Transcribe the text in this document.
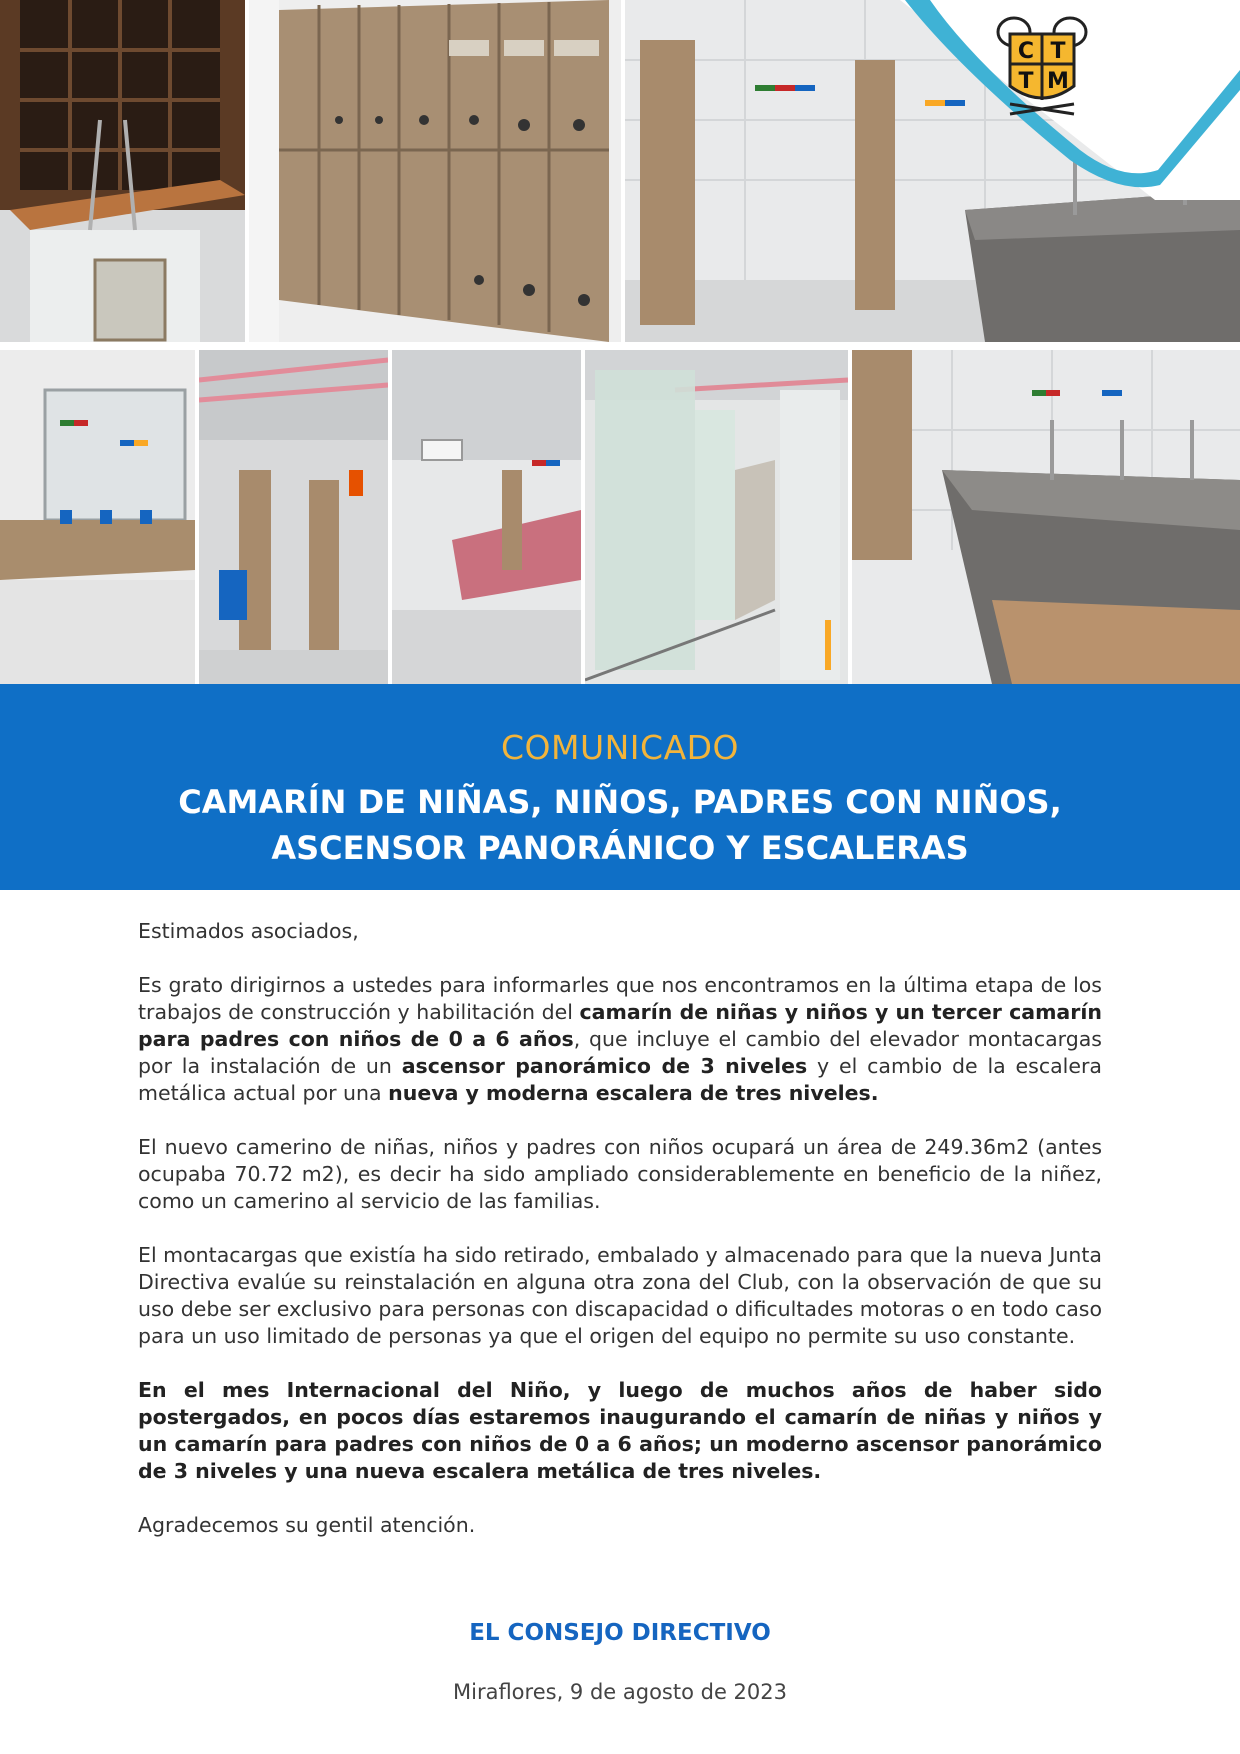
C T
T M
COMUNICADO
CAMARÍN DE NIÑAS, NIÑOS, PADRES CON NIÑOS,
ASCENSOR PANORÁNICO Y ESCALERAS

Estimados asociados,

Es grato dirigirnos a ustedes para informarles que nos encontramos en la última etapa de los trabajos de construcción y habilitación del camarín de niñas y niños y un tercer camarín para padres con niños de 0 a 6 años, que incluye el cambio del elevador montacargas por la instalación de un ascensor panorámico de 3 niveles y el cambio de la escalera metálica actual por una nueva y moderna escalera de tres niveles.

El nuevo camerino de niñas, niños y padres con niños ocupará un área de 249.36m2 (antes ocupaba 70.72 m2), es decir ha sido ampliado considerablemente en beneficio de la niñez, como un camerino al servicio de las familias.

El montacargas que existía ha sido retirado, embalado y almacenado para que la nueva Junta Directiva evalúe su reinstalación en alguna otra zona del Club, con la observación de que su uso debe ser exclusivo para personas con discapacidad o dificultades motoras o en todo caso para un uso limitado de personas ya que el origen del equipo no permite su uso constante.

En el mes Internacional del Niño, y luego de muchos años de haber sido postergados, en pocos días estaremos inaugurando el camarín de niñas y niños y un camarín para padres con niños de 0 a 6 años; un moderno ascensor panorámico de 3 niveles y una nueva escalera metálica de tres niveles.

Agradecemos su gentil atención.

EL CONSEJO DIRECTIVO
Miraflores, 9 de agosto de 2023
